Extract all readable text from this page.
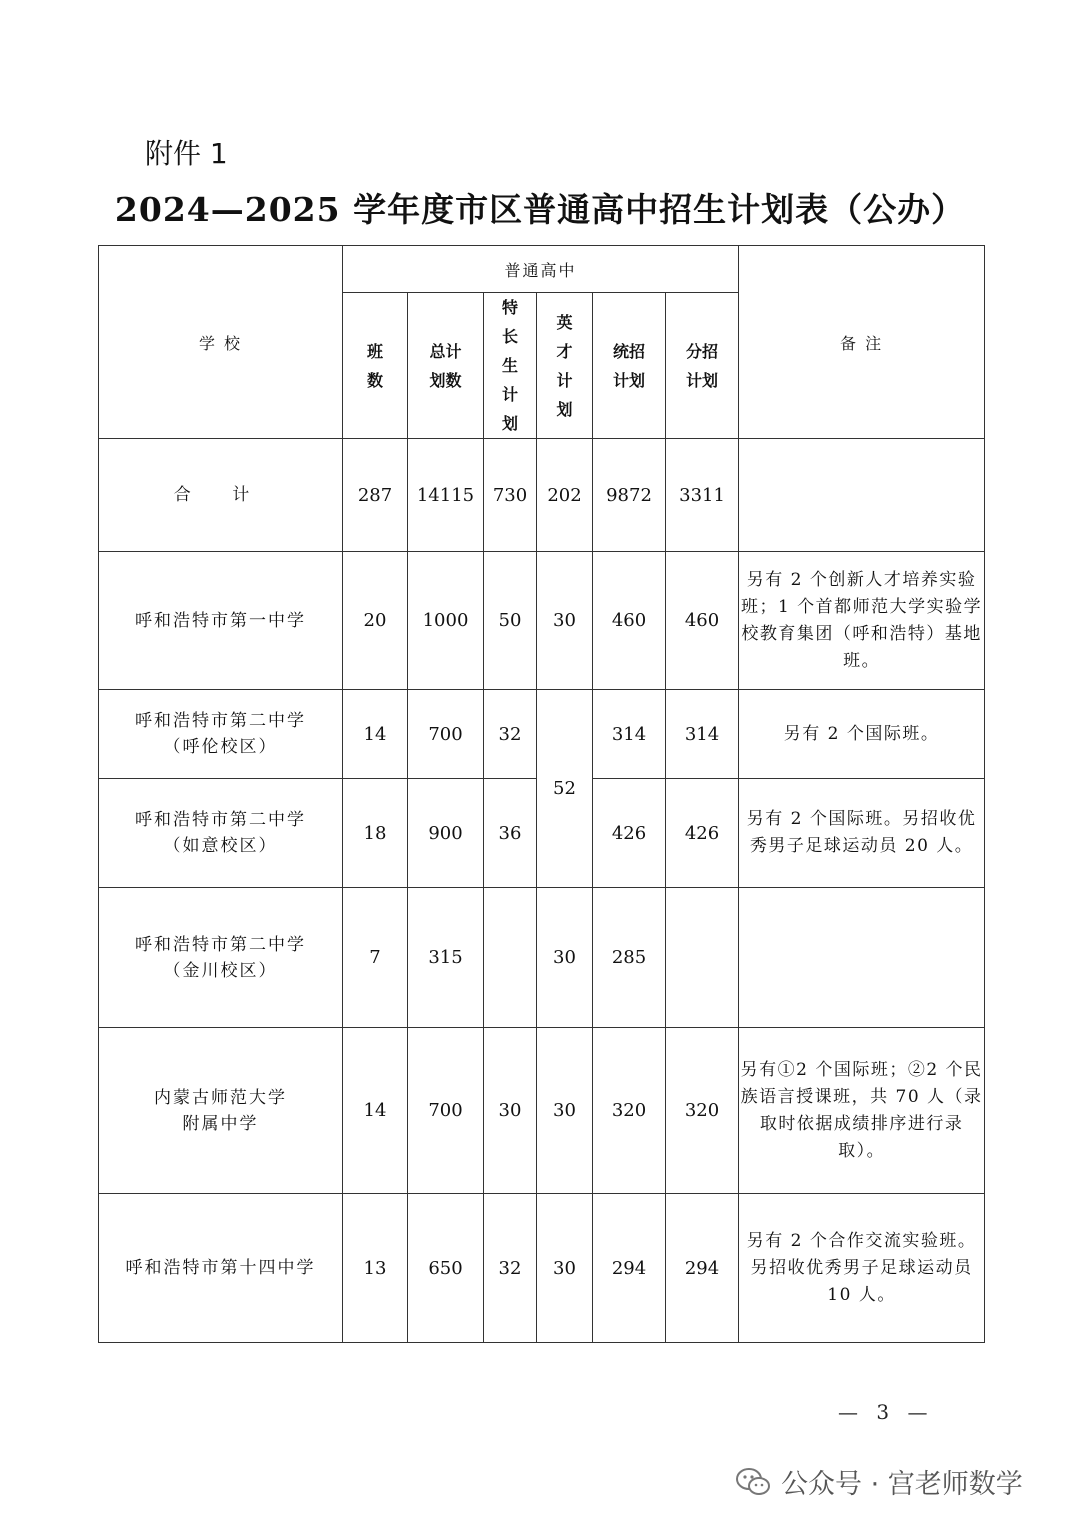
附件 1
2024—2025 学年度市区普通高中招生计划表（公办）
学 校	普通高中						备 注
	班数	总计划数	特长生计划	英才计划	统招计划	分招计划	
合 计	287	14115	730	202	9872	3311	
呼和浩特市第一中学	20	1000	50	30	460	460	另有 2 个创新人才培养实验班；1 个首都师范大学实验学校教育集团（呼和浩特）基地班。
呼和浩特市第二中学
（呼伦校区）	14	700	32	52	314	314	另有 2 个国际班。
呼和浩特市第二中学
（如意校区）	18	900	36		426	426	另有 2 个国际班。另招收优秀男子足球运动员 20 人。
呼和浩特市第二中学
（金川校区）	7	315		30	285		
内蒙古师范大学
附属中学	14	700	30	30	320	320	另有①2 个国际班；②2 个民族语言授课班，共 70 人（录取时依据成绩排序进行录取）。
呼和浩特市第十四中学	13	650	32	30	294	294	另有 2 个合作交流实验班。另招收优秀男子足球运动员 10 人。
— 3 —
公众号 · 宫老师数学
